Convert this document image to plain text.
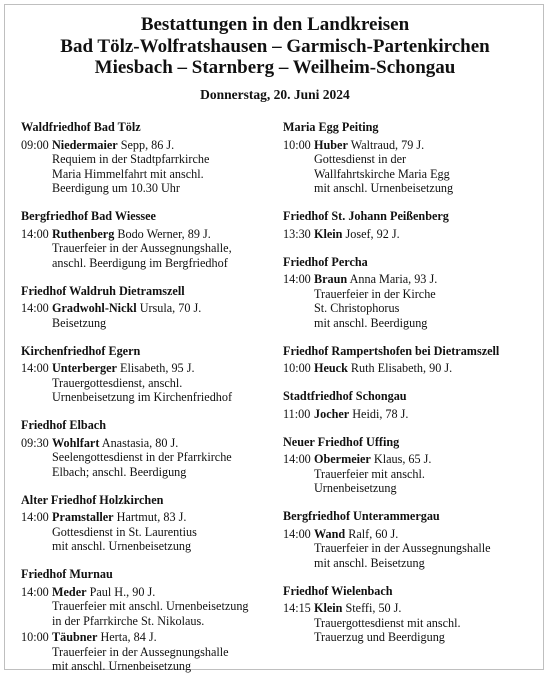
Bestattungen in den Landkreisen
Bad Tölz-Wolfratshausen – Garmisch-Partenkirchen
Miesbach – Starnberg – Weilheim-Schongau
Donnerstag, 20. Juni 2024
Waldfriedhof Bad Tölz
09:00 Niedermaier Sepp, 86 J.
Requiem in der Stadtpfarrkirche
Maria Himmelfahrt mit anschl.
Beerdigung um 10.30 Uhr
Bergfriedhof Bad Wiessee
14:00 Ruthenberg Bodo Werner, 89 J.
Trauerfeier in der Aussegnungshalle,
anschl. Beerdigung im Bergfriedhof
Friedhof Waldruh Dietramszell
14:00 Gradwohl-Nickl Ursula, 70 J.
Beisetzung
Kirchenfriedhof Egern
14:00 Unterberger Elisabeth, 95 J.
Trauergottesdienst, anschl.
Urnenbeisetzung im Kirchenfriedhof
Friedhof Elbach
09:30 Wohlfart Anastasia, 80 J.
Seelengottesdienst in der Pfarrkirche
Elbach; anschl. Beerdigung
Alter Friedhof Holzkirchen
14:00 Pramstaller Hartmut, 83 J.
Gottesdienst in St. Laurentius
mit anschl. Urnenbeisetzung
Friedhof Murnau
14:00 Meder Paul H., 90 J.
Trauerfeier mit anschl. Urnenbeisetzung
in der Pfarrkirche St. Nikolaus.
10:00 Täubner Herta, 84 J.
Trauerfeier in der Aussegnungshalle
mit anschl. Urnenbeisetzung
Maria Egg Peiting
10:00 Huber Waltraud, 79 J.
Gottesdienst in der
Wallfahrtskirche Maria Egg
mit anschl. Urnenbeisetzung
Friedhof St. Johann Peißenberg
13:30 Klein Josef, 92 J.
Friedhof Percha
14:00 Braun Anna Maria, 93 J.
Trauerfeier in der Kirche
St. Christophorus
mit anschl. Beerdigung
Friedhof Rampertshofen bei Dietramszell
10:00 Heuck Ruth Elisabeth, 90 J.
Stadtfriedhof Schongau
11:00 Jocher Heidi, 78 J.
Neuer Friedhof Uffing
14:00 Obermeier Klaus, 65 J.
Trauerfeier mit anschl.
Urnenbeisetzung
Bergfriedhof Unterammergau
14:00 Wand Ralf, 60 J.
Trauerfeier in der Aussegnungshalle
mit anschl. Beisetzung
Friedhof Wielenbach
14:15 Klein Steffi, 50 J.
Trauergottesdienst mit anschl.
Trauerzug und Beerdigung
